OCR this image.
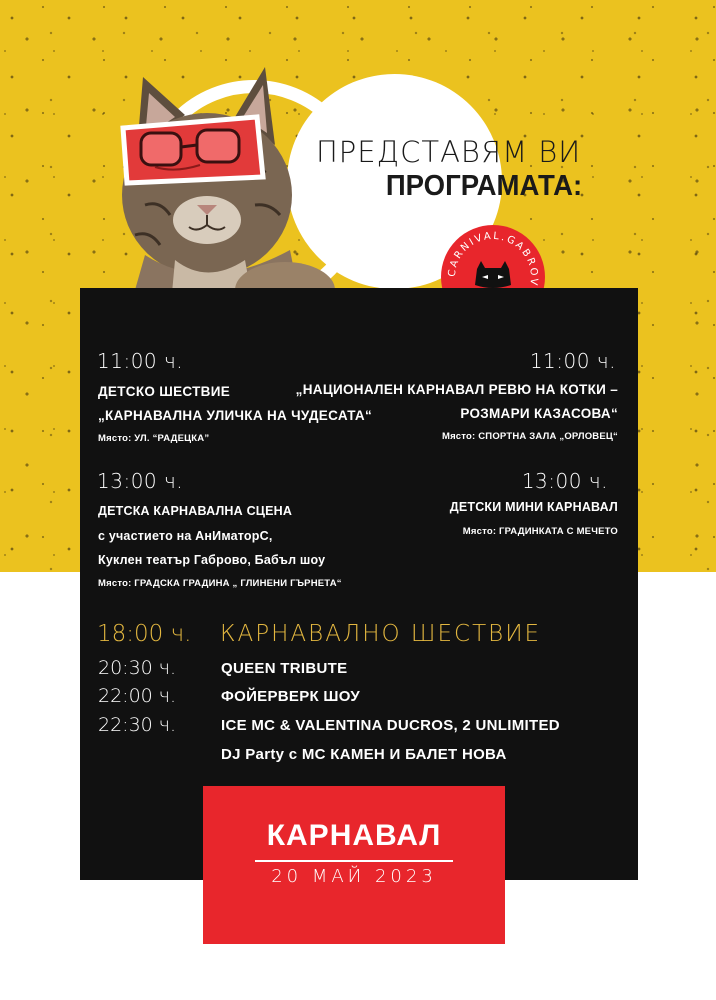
ПРЕДСТАВЯМ ВИ
ПРОГРАМАТА:
CARNIVAL.GABROV
11:00 ч.
ДЕТСКО ШЕСТВИЕ
„КАРНАВАЛНА УЛИЧКА НА ЧУДЕСАТА“
Място: УЛ. “РАДЕЦКА”
11:00 ч.
„НАЦИОНАЛЕН КАРНАВАЛ РЕВЮ НА КОТКИ –
РОЗМАРИ КАЗАСОВА“
Място: СПОРТНА ЗАЛА „ОРЛОВЕЦ“
13:00 ч.
ДЕТСКА КАРНАВАЛНА СЦЕНА
с участието на АнИматорС,
Куклен театър Габрово, Бабъл шоу
Място: ГРАДСКА ГРАДИНА „ ГЛИНЕНИ ГЪРНЕТА“
13:00 ч.
ДЕТСКИ МИНИ КАРНАВАЛ
Място: ГРАДИНКАТА С МЕЧЕТО
18:00 ч. КАРНАВАЛНО ШЕСТВИЕ
20:30 ч.	QUEEN TRIBUTE
22:00 ч.	ФОЙЕРВЕРК ШОУ
22:30 ч.	ICE MC & VALENTINA DUCROS, 2 UNLIMITED
DJ Party с МС КАМЕН И БАЛЕТ НОВА
КАРНАВАЛ
20 МАЙ 2023
